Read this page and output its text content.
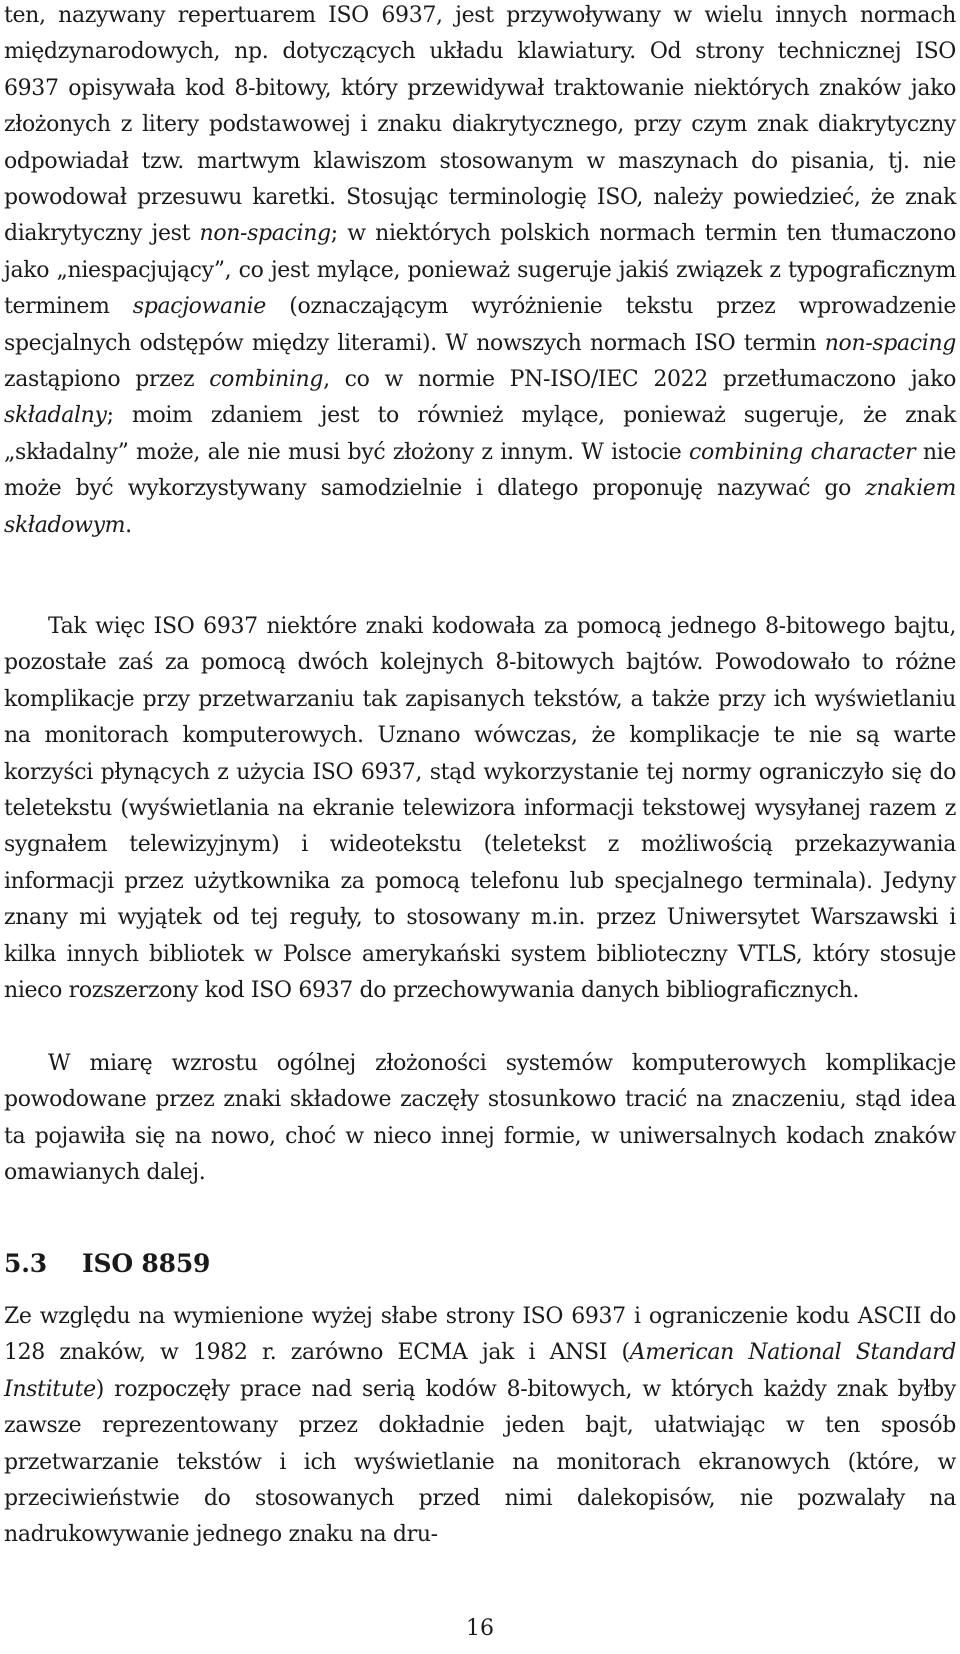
ten, nazywany repertuarem ISO 6937, jest przywoływany w wielu innych normach międzynarodowych, np. dotyczących układu klawiatury. Od strony technicznej ISO 6937 opisywała kod 8-bitowy, który przewidywał traktowanie niektórych znaków jako złożonych z litery podstawowej i znaku diakrytycznego, przy czym znak diakrytyczny odpowiadał tzw. martwym klawiszom stosowanym w maszynach do pisania, tj. nie powodował przesuwu karetki. Stosując terminologię ISO, należy powiedzieć, że znak diakrytyczny jest non-spacing; w niektórych polskich normach termin ten tłumaczono jako „niespacjujący”, co jest mylące, ponieważ sugeruje jakiś związek z typograficznym terminem spacjowanie (oznaczającym wyróżnienie tekstu przez wprowadzenie specjalnych odstępów między literami). W nowszych normach ISO termin non-spacing zastąpiono przez combining, co w normie PN-ISO/IEC 2022 przetłumaczono jako składalny; moim zdaniem jest to również mylące, ponieważ sugeruje, że znak „składalny” może, ale nie musi być złożony z innym. W istocie combining character nie może być wykorzystywany samodzielnie i dlatego proponuję nazywać go znakiem składowym.

Tak więc ISO 6937 niektóre znaki kodowała za pomocą jednego 8-bitowego bajtu, pozostałe zaś za pomocą dwóch kolejnych 8-bitowych bajtów. Powodowało to różne komplikacje przy przetwarzaniu tak zapisanych tekstów, a także przy ich wyświetlaniu na monitorach komputerowych. Uznano wówczas, że komplikacje te nie są warte korzyści płynących z użycia ISO 6937, stąd wykorzystanie tej normy ograniczyło się do teletekstu (wyświetlania na ekranie telewizora informacji tekstowej wysyłanej razem z sygnałem telewizyjnym) i wideotekstu (teletekst z możliwością przekazywania informacji przez użytkownika za pomocą telefonu lub specjalnego terminala). Jedyny znany mi wyjątek od tej reguły, to stosowany m.in. przez Uniwersytet Warszawski i kilka innych bibliotek w Polsce amerykański system biblioteczny VTLS, który stosuje nieco rozszerzony kod ISO 6937 do przechowywania danych bibliograficznych.

W miarę wzrostu ogólnej złożoności systemów komputerowych komplikacje powodowane przez znaki składowe zaczęły stosunkowo tracić na znaczeniu, stąd idea ta pojawiła się na nowo, choć w nieco innej formie, w uniwersalnych kodach znaków omawianych dalej.

5.3 ISO 8859

Ze względu na wymienione wyżej słabe strony ISO 6937 i ograniczenie kodu ASCII do 128 znaków, w 1982 r. zarówno ECMA jak i ANSI (American National Standard Institute) rozpoczęły prace nad serią kodów 8-bitowych, w których każdy znak byłby zawsze reprezentowany przez dokładnie jeden bajt, ułatwiając w ten sposób przetwarzanie tekstów i ich wyświetlanie na monitorach ekranowych (które, w przeciwieństwie do stosowanych przed nimi dalekopisów, nie pozwalały na nadrukowywanie jednego znaku na dru-

16
